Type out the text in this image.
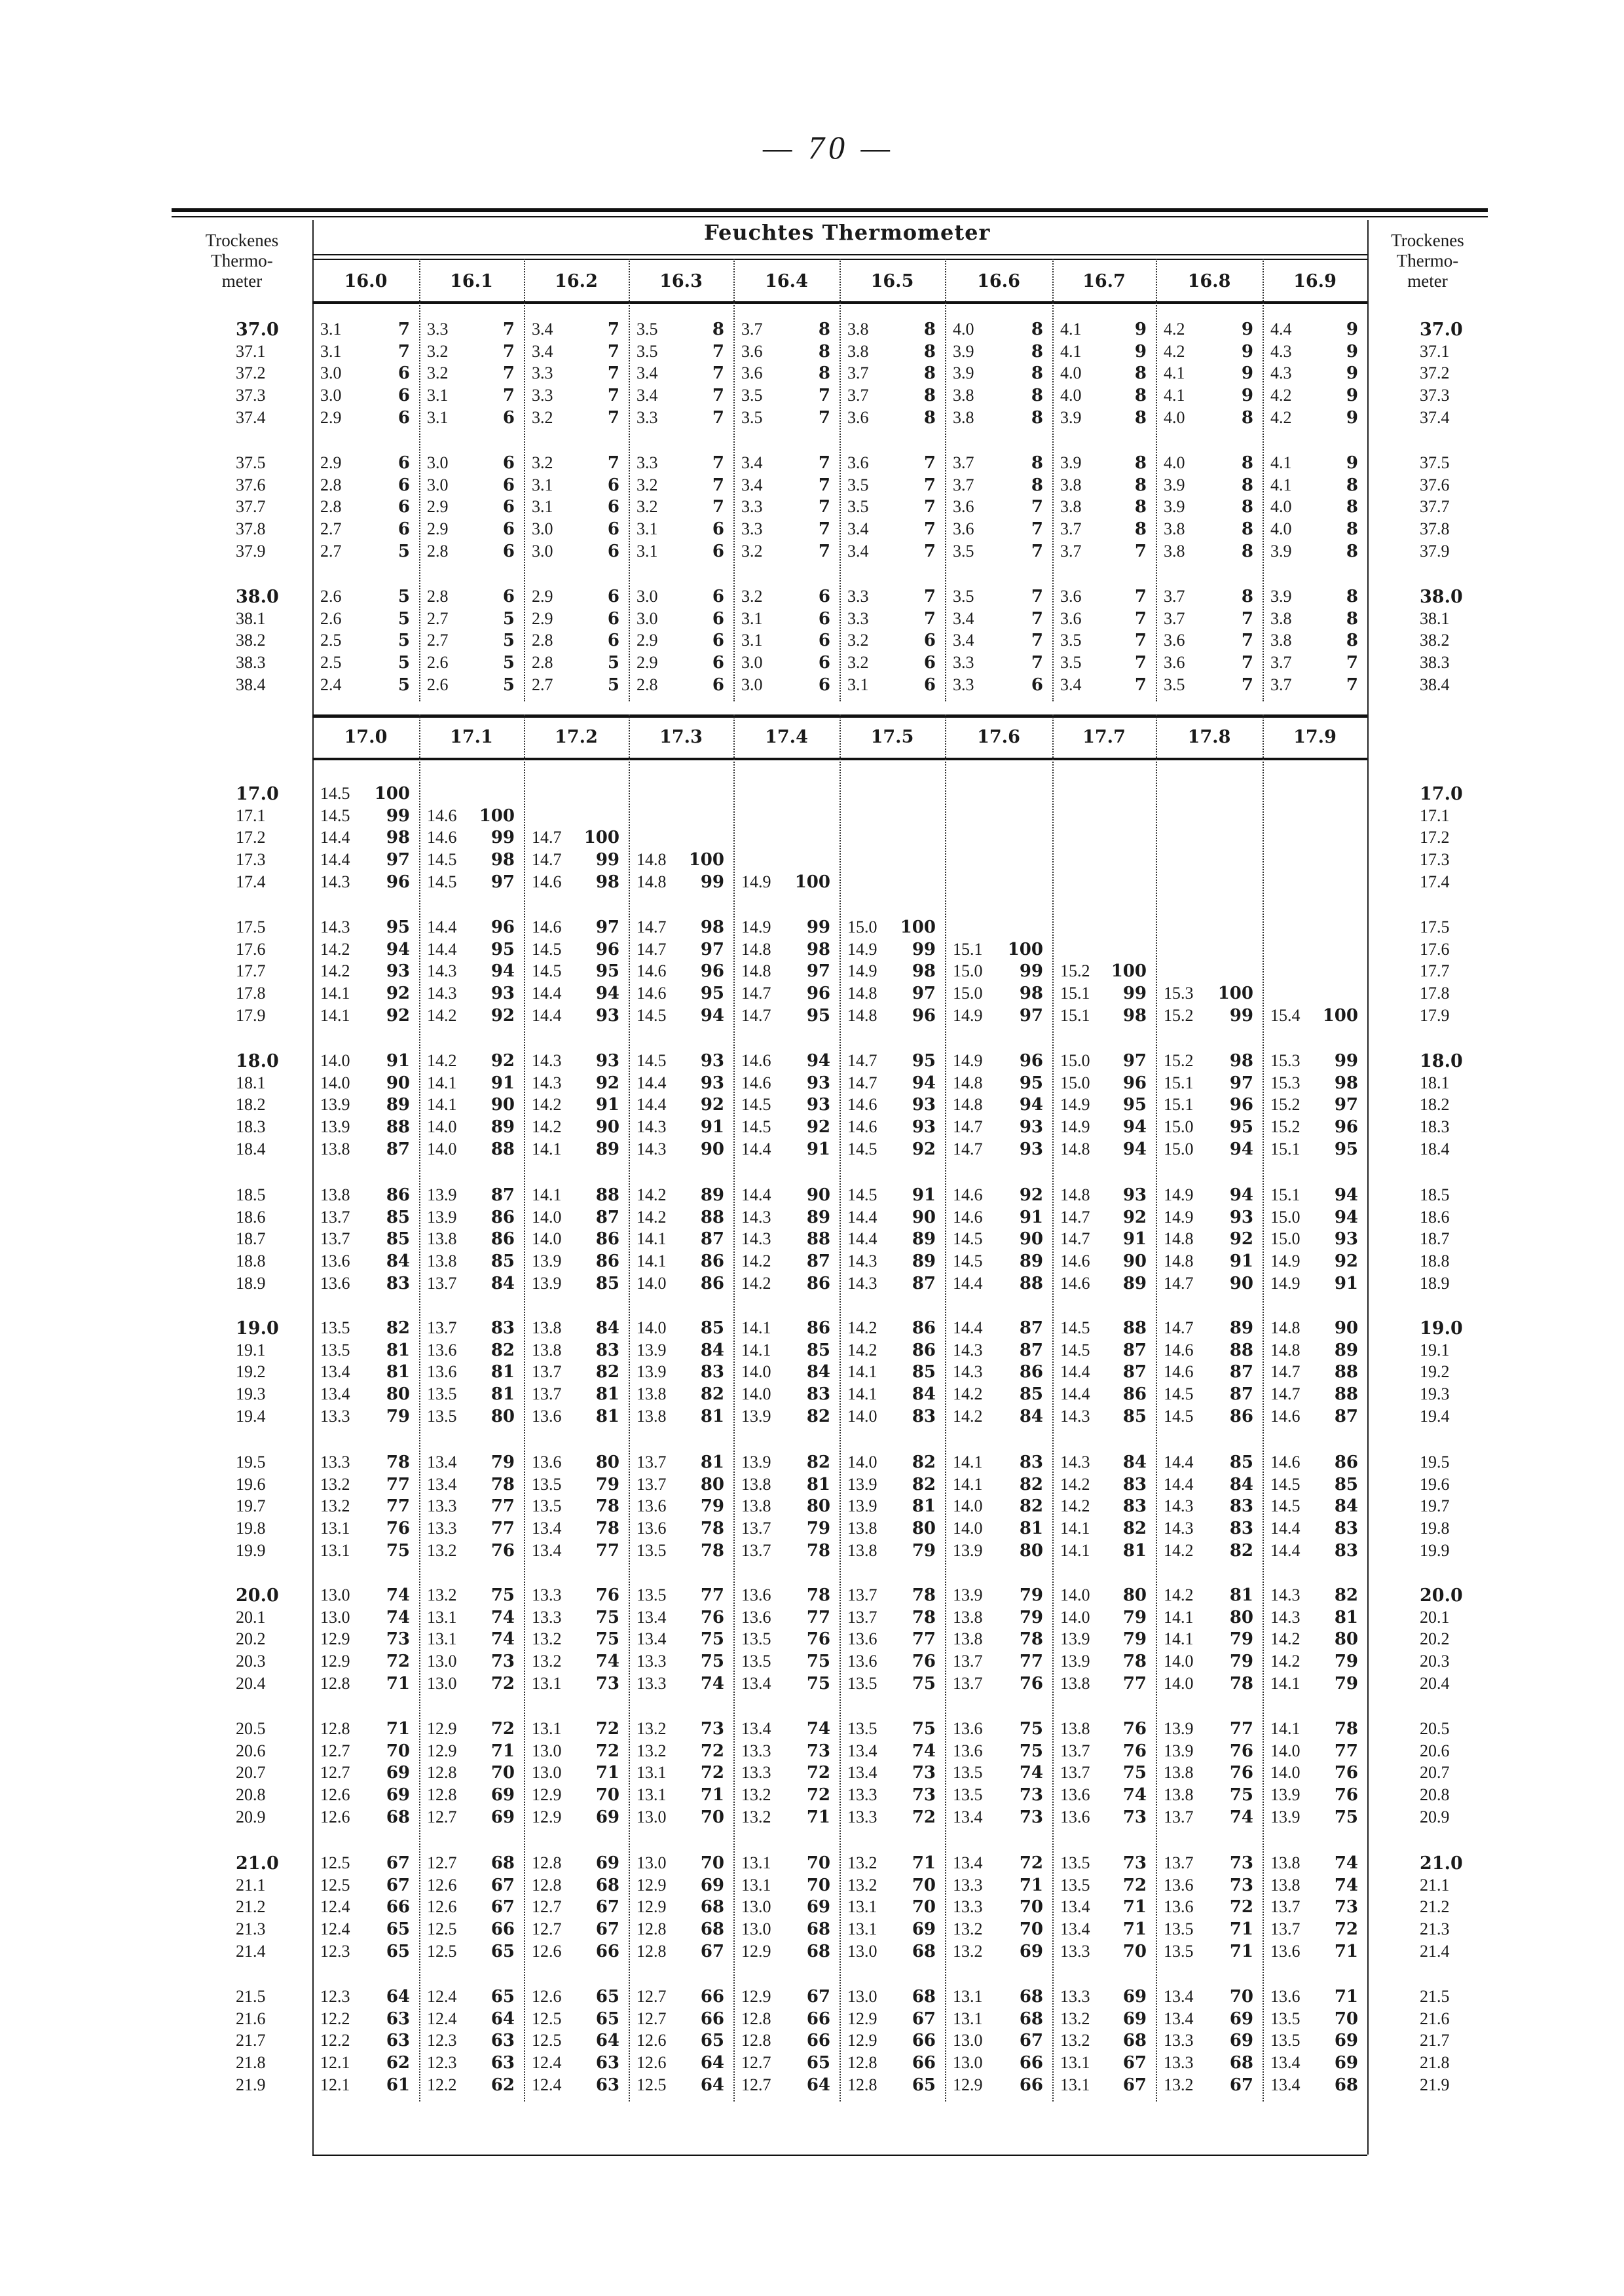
— 70 —
Trockenes
Thermo-
meter
Trockenes
Thermo-
meter
Feuchtes Thermometer
16.0	16.1	16.2	16.3	16.4	16.5	16.6	16.7	16.8	16.9
37.0	37.0
3.1	7 3.3	7 3.4	7 3.5	8 3.7	8 3.8	8 4.0	8 4.1	9 4.2	9 4.4	9
37.1	37.1
3.1	7 3.2	7 3.4	7 3.5	7 3.6	8 3.8	8 3.9	8 4.1	9 4.2	9 4.3	9
37.2	37.2
3.0	6 3.2	7 3.3	7 3.4	7 3.6	8 3.7	8 3.9	8 4.0	8 4.1	9 4.3	9
37.3	37.3
3.0	6 3.1	7 3.3	7 3.4	7 3.5	7 3.7	8 3.8	8 4.0	8 4.1	9 4.2	9
37.4	37.4
2.9	6 3.1	6 3.2	7 3.3	7 3.5	7 3.6	8 3.8	8 3.9	8 4.0	8 4.2	9
37.5	37.5
2.9	6 3.0	6 3.2	7 3.3	7 3.4	7 3.6	7 3.7	8 3.9	8 4.0	8 4.1	9
37.6	37.6
2.8	6 3.0	6 3.1	6 3.2	7 3.4	7 3.5	7 3.7	8 3.8	8 3.9	8 4.1	8
37.7	37.7
2.8	6 2.9	6 3.1	6 3.2	7 3.3	7 3.5	7 3.6	7 3.8	8 3.9	8 4.0	8
37.8	37.8
2.7	6 2.9	6 3.0	6 3.1	6 3.3	7 3.4	7 3.6	7 3.7	8 3.8	8 4.0	8
37.9	37.9
2.7	5 2.8	6 3.0	6 3.1	6 3.2	7 3.4	7 3.5	7 3.7	7 3.8	8 3.9	8
38.0	38.0
2.6	5 2.8	6 2.9	6 3.0	6 3.2	6 3.3	7 3.5	7 3.6	7 3.7	8 3.9	8
38.1	38.1
2.6	5 2.7	5 2.9	6 3.0	6 3.1	6 3.3	7 3.4	7 3.6	7 3.7	7 3.8	8
38.2	38.2
2.5	5 2.7	5 2.8	6 2.9	6 3.1	6 3.2	6 3.4	7 3.5	7 3.6	7 3.8	8
38.3	38.3
2.5	5 2.6	5 2.8	5 2.9	6 3.0	6 3.2	6 3.3	7 3.5	7 3.6	7 3.7	7
38.4	38.4
2.4	5 2.6	5 2.7	5 2.8	6 3.0	6 3.1	6 3.3	6 3.4	7 3.5	7 3.7	7
17.0	17.1	17.2	17.3	17.4	17.5	17.6	17.7	17.8	17.9
17.0	17.0
14.5	100
17.1	17.1
14.5	99 14.6	100
17.2	17.2
14.4	98 14.6	99 14.7	100
17.3	17.3
14.4	97 14.5	98 14.7	99 14.8	100
17.4	17.4
14.3	96 14.5	97 14.6	98 14.8	99 14.9	100
17.5	17.5
14.3	95 14.4	96 14.6	97 14.7	98 14.9	99 15.0	100
17.6	17.6
14.2	94 14.4	95 14.5	96 14.7	97 14.8	98 14.9	99 15.1	100
17.7	17.7
14.2	93 14.3	94 14.5	95 14.6	96 14.8	97 14.9	98 15.0	99 15.2	100
17.8	17.8
14.1	92 14.3	93 14.4	94 14.6	95 14.7	96 14.8	97 15.0	98 15.1	99 15.3	100
17.9	17.9
14.1	92 14.2	92 14.4	93 14.5	94 14.7	95 14.8	96 14.9	97 15.1	98 15.2	99 15.4	100
18.0	18.0
14.0	91 14.2	92 14.3	93 14.5	93 14.6	94 14.7	95 14.9	96 15.0	97 15.2	98 15.3	99
18.1	18.1
14.0	90 14.1	91 14.3	92 14.4	93 14.6	93 14.7	94 14.8	95 15.0	96 15.1	97 15.3	98
18.2	18.2
13.9	89 14.1	90 14.2	91 14.4	92 14.5	93 14.6	93 14.8	94 14.9	95 15.1	96 15.2	97
18.3	18.3
13.9	88 14.0	89 14.2	90 14.3	91 14.5	92 14.6	93 14.7	93 14.9	94 15.0	95 15.2	96
18.4	18.4
13.8	87 14.0	88 14.1	89 14.3	90 14.4	91 14.5	92 14.7	93 14.8	94 15.0	94 15.1	95
18.5	18.5
13.8	86 13.9	87 14.1	88 14.2	89 14.4	90 14.5	91 14.6	92 14.8	93 14.9	94 15.1	94
18.6	18.6
13.7	85 13.9	86 14.0	87 14.2	88 14.3	89 14.4	90 14.6	91 14.7	92 14.9	93 15.0	94
18.7	18.7
13.7	85 13.8	86 14.0	86 14.1	87 14.3	88 14.4	89 14.5	90 14.7	91 14.8	92 15.0	93
18.8	18.8
13.6	84 13.8	85 13.9	86 14.1	86 14.2	87 14.3	89 14.5	89 14.6	90 14.8	91 14.9	92
18.9	18.9
13.6	83 13.7	84 13.9	85 14.0	86 14.2	86 14.3	87 14.4	88 14.6	89 14.7	90 14.9	91
19.0	19.0
13.5	82 13.7	83 13.8	84 14.0	85 14.1	86 14.2	86 14.4	87 14.5	88 14.7	89 14.8	90
19.1	19.1
13.5	81 13.6	82 13.8	83 13.9	84 14.1	85 14.2	86 14.3	87 14.5	87 14.6	88 14.8	89
19.2	19.2
13.4	81 13.6	81 13.7	82 13.9	83 14.0	84 14.1	85 14.3	86 14.4	87 14.6	87 14.7	88
19.3	19.3
13.4	80 13.5	81 13.7	81 13.8	82 14.0	83 14.1	84 14.2	85 14.4	86 14.5	87 14.7	88
19.4	19.4
13.3	79 13.5	80 13.6	81 13.8	81 13.9	82 14.0	83 14.2	84 14.3	85 14.5	86 14.6	87
19.5	19.5
13.3	78 13.4	79 13.6	80 13.7	81 13.9	82 14.0	82 14.1	83 14.3	84 14.4	85 14.6	86
19.6	19.6
13.2	77 13.4	78 13.5	79 13.7	80 13.8	81 13.9	82 14.1	82 14.2	83 14.4	84 14.5	85
19.7	19.7
13.2	77 13.3	77 13.5	78 13.6	79 13.8	80 13.9	81 14.0	82 14.2	83 14.3	83 14.5	84
19.8	19.8
13.1	76 13.3	77 13.4	78 13.6	78 13.7	79 13.8	80 14.0	81 14.1	82 14.3	83 14.4	83
19.9	19.9
13.1	75 13.2	76 13.4	77 13.5	78 13.7	78 13.8	79 13.9	80 14.1	81 14.2	82 14.4	83
20.0	20.0
13.0	74 13.2	75 13.3	76 13.5	77 13.6	78 13.7	78 13.9	79 14.0	80 14.2	81 14.3	82
20.1	20.1
13.0	74 13.1	74 13.3	75 13.4	76 13.6	77 13.7	78 13.8	79 14.0	79 14.1	80 14.3	81
20.2	20.2
12.9	73 13.1	74 13.2	75 13.4	75 13.5	76 13.6	77 13.8	78 13.9	79 14.1	79 14.2	80
20.3	20.3
12.9	72 13.0	73 13.2	74 13.3	75 13.5	75 13.6	76 13.7	77 13.9	78 14.0	79 14.2	79
20.4	20.4
12.8	71 13.0	72 13.1	73 13.3	74 13.4	75 13.5	75 13.7	76 13.8	77 14.0	78 14.1	79
20.5	20.5
12.8	71 12.9	72 13.1	72 13.2	73 13.4	74 13.5	75 13.6	75 13.8	76 13.9	77 14.1	78
20.6	20.6
12.7	70 12.9	71 13.0	72 13.2	72 13.3	73 13.4	74 13.6	75 13.7	76 13.9	76 14.0	77
20.7	20.7
12.7	69 12.8	70 13.0	71 13.1	72 13.3	72 13.4	73 13.5	74 13.7	75 13.8	76 14.0	76
20.8	20.8
12.6	69 12.8	69 12.9	70 13.1	71 13.2	72 13.3	73 13.5	73 13.6	74 13.8	75 13.9	76
20.9	20.9
12.6	68 12.7	69 12.9	69 13.0	70 13.2	71 13.3	72 13.4	73 13.6	73 13.7	74 13.9	75
21.0	21.0
12.5	67 12.7	68 12.8	69 13.0	70 13.1	70 13.2	71 13.4	72 13.5	73 13.7	73 13.8	74
21.1	21.1
12.5	67 12.6	67 12.8	68 12.9	69 13.1	70 13.2	70 13.3	71 13.5	72 13.6	73 13.8	74
21.2	21.2
12.4	66 12.6	67 12.7	67 12.9	68 13.0	69 13.1	70 13.3	70 13.4	71 13.6	72 13.7	73
21.3	21.3
12.4	65 12.5	66 12.7	67 12.8	68 13.0	68 13.1	69 13.2	70 13.4	71 13.5	71 13.7	72
21.4	21.4
12.3	65 12.5	65 12.6	66 12.8	67 12.9	68 13.0	68 13.2	69 13.3	70 13.5	71 13.6	71
21.5	21.5
12.3	64 12.4	65 12.6	65 12.7	66 12.9	67 13.0	68 13.1	68 13.3	69 13.4	70 13.6	71
21.6	21.6
12.2	63 12.4	64 12.5	65 12.7	66 12.8	66 12.9	67 13.1	68 13.2	69 13.4	69 13.5	70
21.7	21.7
12.2	63 12.3	63 12.5	64 12.6	65 12.8	66 12.9	66 13.0	67 13.2	68 13.3	69 13.5	69
21.8	21.8
12.1	62 12.3	63 12.4	63 12.6	64 12.7	65 12.8	66 13.0	66 13.1	67 13.3	68 13.4	69
21.9	21.9
12.1	61 12.2	62 12.4	63 12.5	64 12.7	64 12.8	65 12.9	66 13.1	67 13.2	67 13.4	68
